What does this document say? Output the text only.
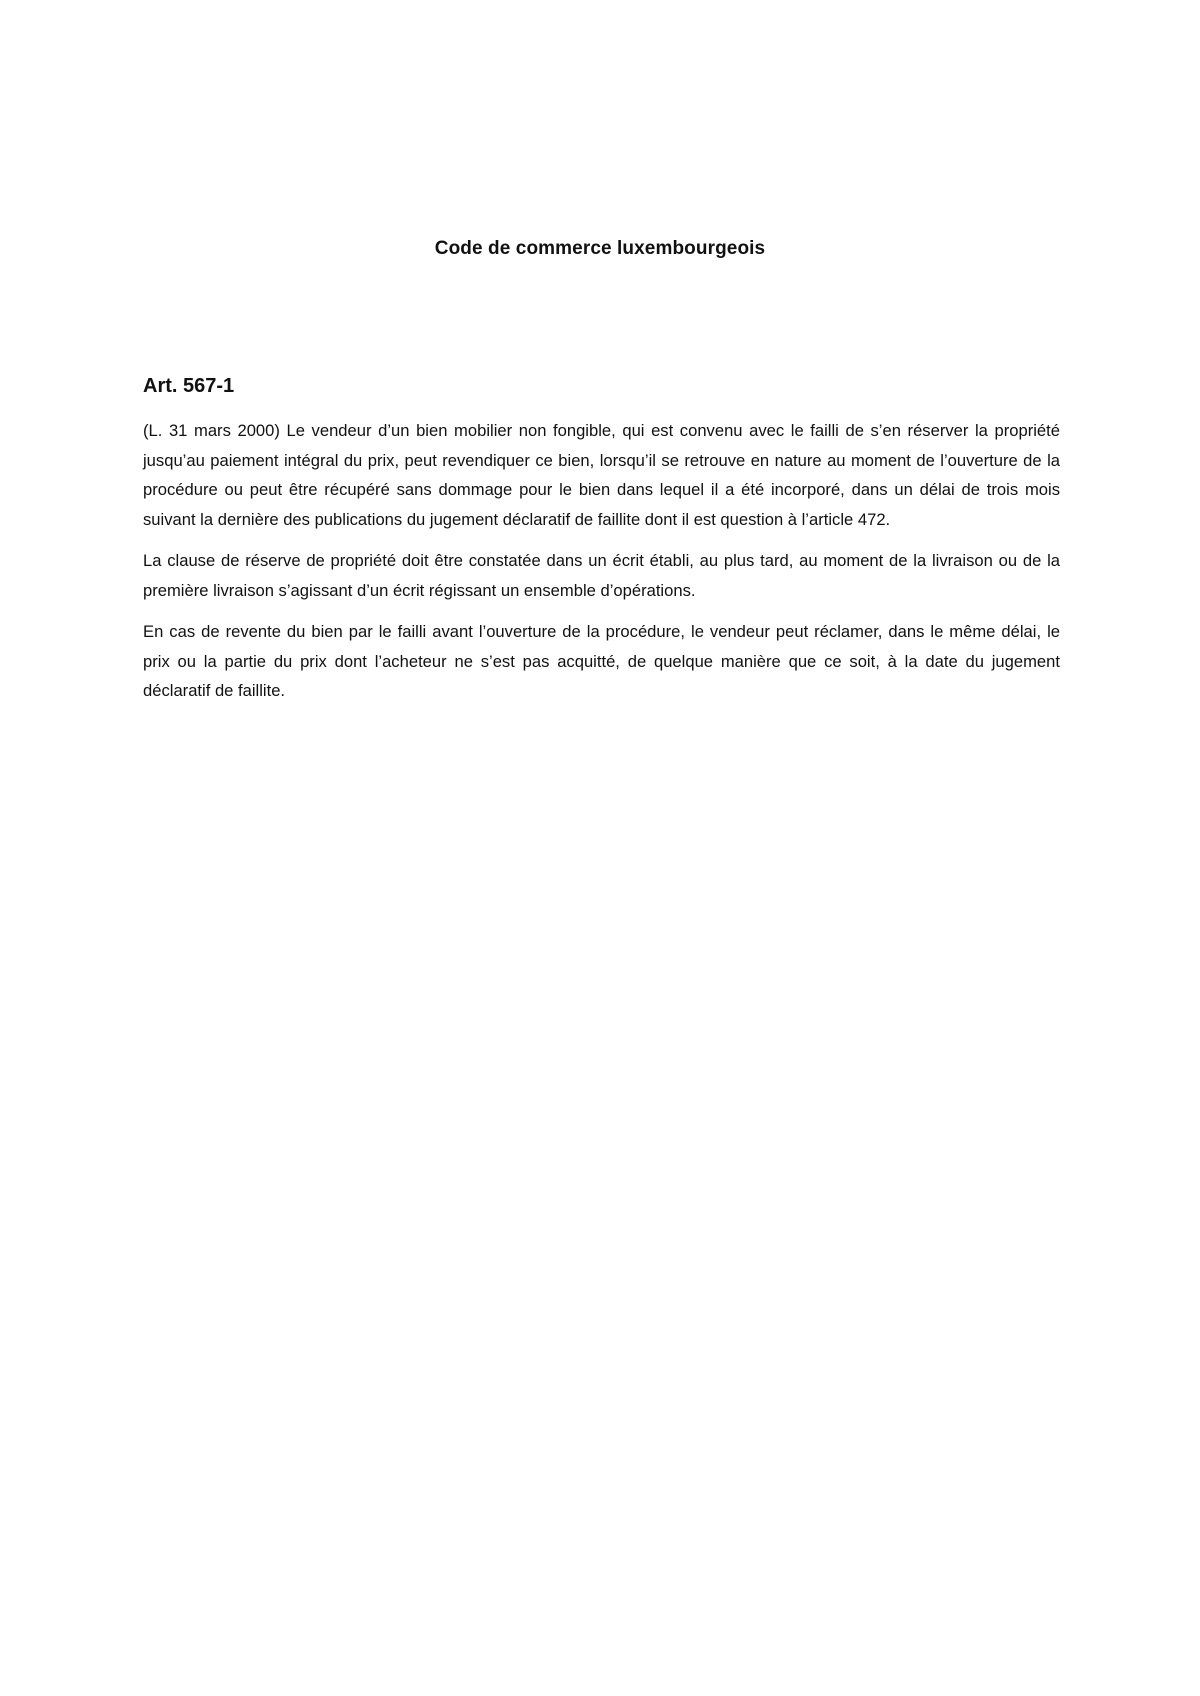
Code de commerce luxembourgeois
Art. 567-1

(L. 31 mars 2000) Le vendeur d’un bien mobilier non fongible, qui est convenu avec le failli de s’en réserver la propriété jusqu’au paiement intégral du prix, peut revendiquer ce bien, lorsqu’il se retrouve en nature au moment de l’ouverture de la procédure ou peut être récupéré sans dommage pour le bien dans lequel il a été incorporé, dans un délai de trois mois suivant la dernière des publications du jugement déclaratif de faillite dont il est question à l’article 472.

La clause de réserve de propriété doit être constatée dans un écrit établi, au plus tard, au moment de la livraison ou de la première livraison s’agissant d’un écrit régissant un ensemble d’opérations.

En cas de revente du bien par le failli avant l’ouverture de la procédure, le vendeur peut réclamer, dans le même délai, le prix ou la partie du prix dont l’acheteur ne s’est pas acquitté, de quelque manière que ce soit, à la date du jugement déclaratif de faillite.
